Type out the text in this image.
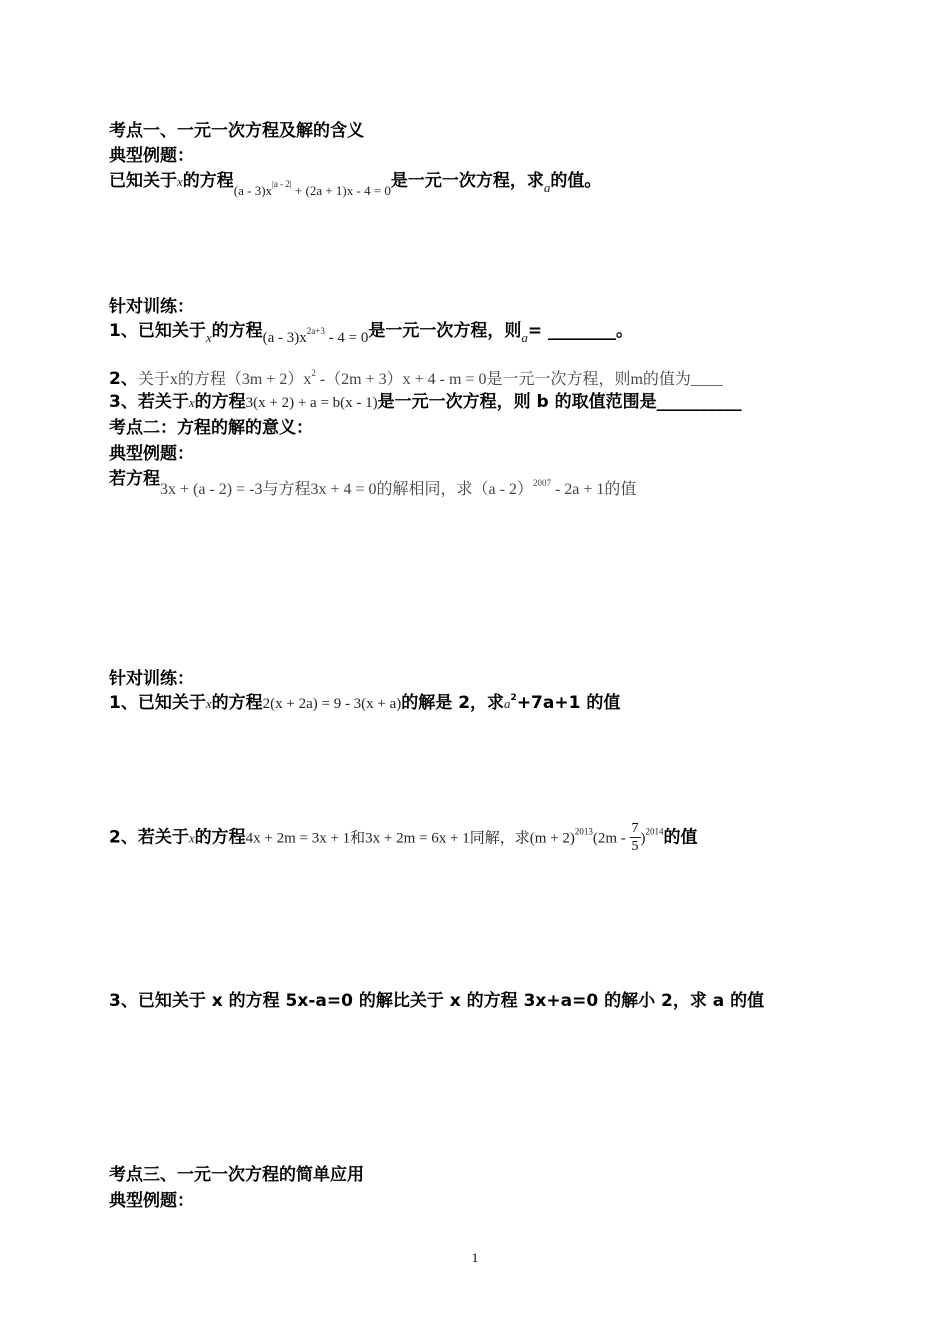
考点一、一元一次方程及解的含义
典型例题：
已知关于x的方程$_{(a - 3)x^{|a - 2|} + (2a + 1)x - 4 = 0}$是一元一次方程，求$_a$的值。
针对训练：
1、已知关于$_x$的方程$(a - 3)x^{2a+3} - 4 = 0$是一元一次方程，则$_a$= ________。
2、关于x的方程$(3m + 2)x^2$ -（2m + 3）x + 4 - m = 0是一元一次方程，则m的值为____
3、若关于x的方程3(x + 2) + a = b(x - 1)是一元一次方程，则 b 的取值范围是__________
考点二：方程的解的意义：
典型例题：
若方程3x + (a - 2) = -3与方程3x + 4 = 0的解相同，求（a - 2）$^{2007}$ - 2a + 1的值
针对训练：
1、已知关于x的方程2(x + 2a) = 9 - 3(x + a)的解是 2，求$a^2+7a+1$ 的值
2、若关于x的方程4x + 2m = 3x + 1和3x + 2m = 6x + 1同解，求$(m + 2)^{2013}(2m - \frac{7}{5} )^{2014}$的值
3、已知关于 x 的方程 5x-a=0 的解比关于 x 的方程 3x+a=0 的解小 2，求 a 的值
考点三、一元一次方程的简单应用
典型例题：
1
